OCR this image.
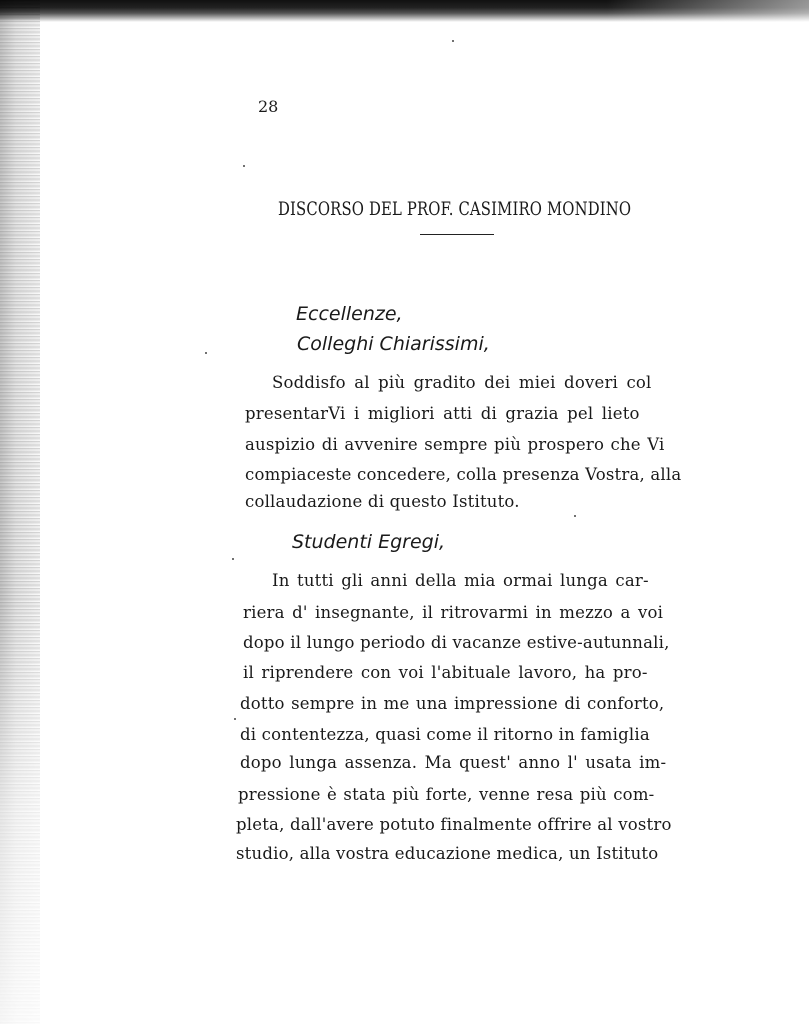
28
DISCORSO DEL PROF. CASIMIRO MONDINO
Eccellenze,
Colleghi Chiarissimi,
Soddisfo al più gradito dei miei doveri col
presentarVi i migliori atti di grazia pel lieto
auspizio di avvenire sempre più prospero che Vi
compiaceste concedere, colla presenza Vostra, alla
collaudazione di questo Istituto.
Studenti Egregi,
In tutti gli anni della mia ormai lunga car-
riera d' insegnante, il ritrovarmi in mezzo a voi
dopo il lungo periodo di vacanze estive-autunnali,
il riprendere con voi l'abituale lavoro, ha pro-
dotto sempre in me una impressione di conforto,
di contentezza, quasi come il ritorno in famiglia
dopo lunga assenza. Ma quest' anno l' usata im-
pressione è stata più forte, venne resa più com-
pleta, dall'avere potuto finalmente offrire al vostro
studio, alla vostra educazione medica, un Istituto
